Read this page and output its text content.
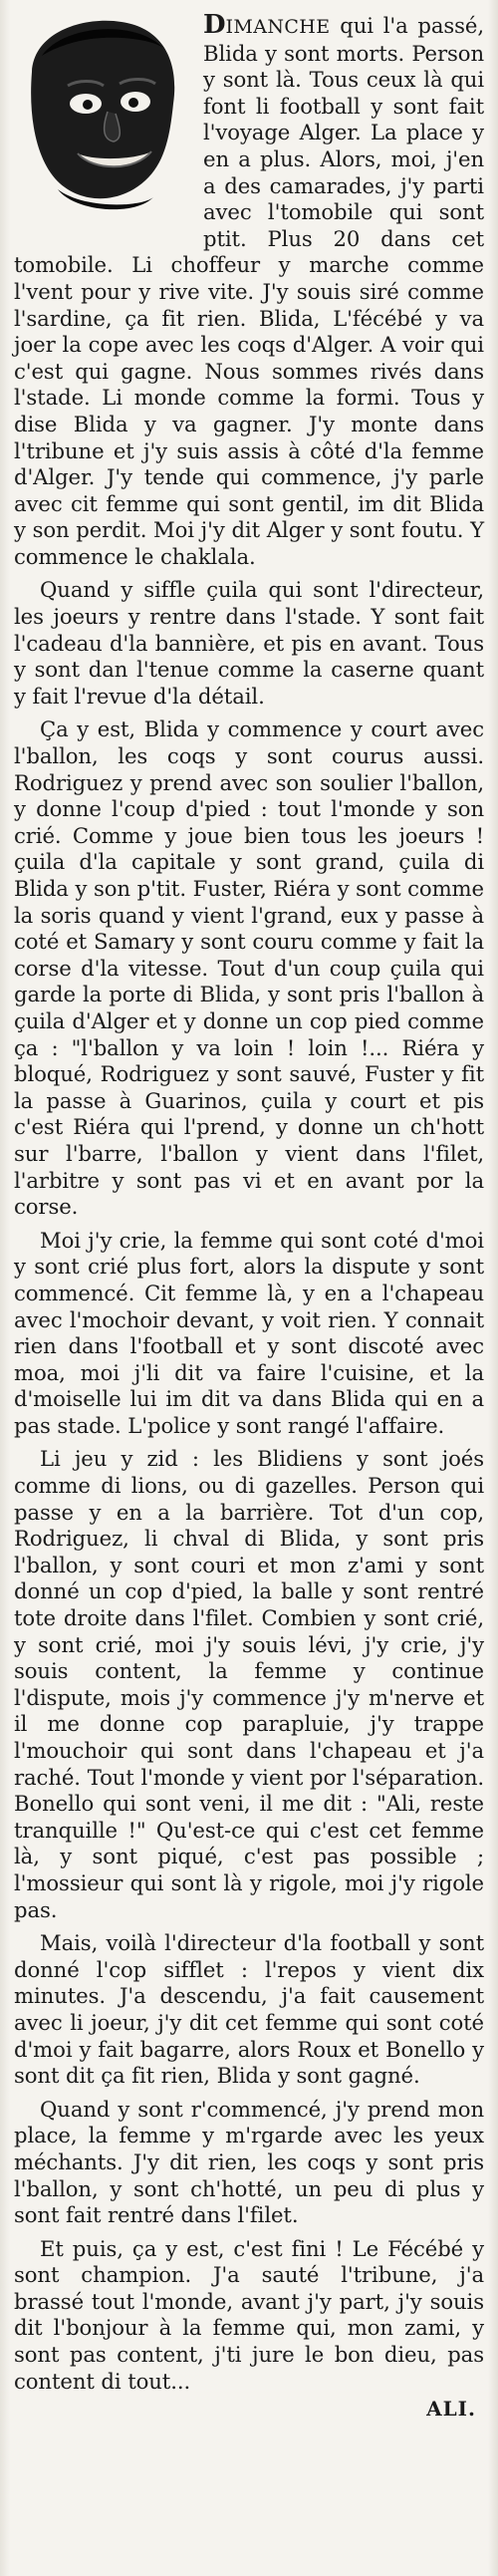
DIMANCHE qui l'a passé, Blida y sont morts. Person y sont là. Tous ceux là qui font li football y sont fait l'voyage Alger. La place y en a plus. Alors, moi, j'en a des camarades, j'y parti avec l'tomobile qui sont ptit. Plus 20 dans cet tomobile. Li choffeur y marche comme l'vent pour y rive vite. J'y souis siré comme l'sardine, ça fit rien. Blida, L'fécébé y va joer la cope avec les coqs d'Alger. A voir qui c'est qui gagne. Nous sommes rivés dans l'stade. Li monde comme la formi. Tous y dise Blida y va gagner. J'y monte dans l'tribune et j'y suis assis à côté d'la femme d'Alger. J'y tende qui commence, j'y parle avec cit femme qui sont gentil, im dit Blida y son perdit. Moi j'y dit Alger y sont foutu. Y commence le chaklala.

Quand y siffle çuila qui sont l'directeur, les joeurs y rentre dans l'stade. Y sont fait l'cadeau d'la bannière, et pis en avant. Tous y sont dan l'tenue comme la caserne quant y fait l'revue d'la détail.

Ça y est, Blida y commence y court avec l'ballon, les coqs y sont courus aussi. Rodriguez y prend avec son soulier l'ballon, y donne l'coup d'pied : tout l'monde y son crié. Comme y joue bien tous les joeurs ! çuila d'la capitale y sont grand, çuila di Blida y son p'tit. Fuster, Riéra y sont comme la soris quand y vient l'grand, eux y passe à coté et Samary y sont couru comme y fait la corse d'la vitesse. Tout d'un coup çuila qui garde la porte di Blida, y sont pris l'ballon à çuila d'Alger et y donne un cop pied comme ça : "l'ballon y va loin ! loin !... Riéra y bloqué, Rodriguez y sont sauvé, Fuster y fit la passe à Guarinos, çuila y court et pis c'est Riéra qui l'prend, y donne un ch'hott sur l'barre, l'ballon y vient dans l'filet, l'arbitre y sont pas vi et en avant por la corse.

Moi j'y crie, la femme qui sont coté d'moi y sont crié plus fort, alors la dispute y sont commencé. Cit femme là, y en a l'chapeau avec l'mochoir devant, y voit rien. Y connait rien dans l'football et y sont discoté avec moa, moi j'li dit va faire l'cuisine, et la d'moiselle lui im dit va dans Blida qui en a pas stade. L'police y sont rangé l'affaire.

Li jeu y zid : les Blidiens y sont joés comme di lions, ou di gazelles. Person qui passe y en a la barrière. Tot d'un cop, Rodriguez, li chval di Blida, y sont pris l'ballon, y sont couri et mon z'ami y sont donné un cop d'pied, la balle y sont rentré tote droite dans l'filet. Combien y sont crié, y sont crié, moi j'y souis lévi, j'y crie, j'y souis content, la femme y continue l'dispute, mois j'y commence j'y m'nerve et il me donne cop parapluie, j'y trappe l'mouchoir qui sont dans l'chapeau et j'a raché. Tout l'monde y vient por l'séparation. Bonello qui sont veni, il me dit : "Ali, reste tranquille !" Qu'est-ce qui c'est cet femme là, y sont piqué, c'est pas possible ; l'mossieur qui sont là y rigole, moi j'y rigole pas.

Mais, voilà l'directeur d'la football y sont donné l'cop sifflet : l'repos y vient dix minutes. J'a descendu, j'a fait causement avec li joeur, j'y dit cet femme qui sont coté d'moi y fait bagarre, alors Roux et Bonello y sont dit ça fit rien, Blida y sont gagné.

Quand y sont r'commencé, j'y prend mon place, la femme y m'rgarde avec les yeux méchants. J'y dit rien, les coqs y sont pris l'ballon, y sont ch'hotté, un peu di plus y sont fait rentré dans l'filet.

Et puis, ça y est, c'est fini ! Le Fécébé y sont champion. J'a sauté l'tribune, j'a brassé tout l'monde, avant j'y part, j'y souis dit l'bonjour à la femme qui, mon zami, y sont pas content, j'ti jure le bon dieu, pas content di tout...

ALI.
